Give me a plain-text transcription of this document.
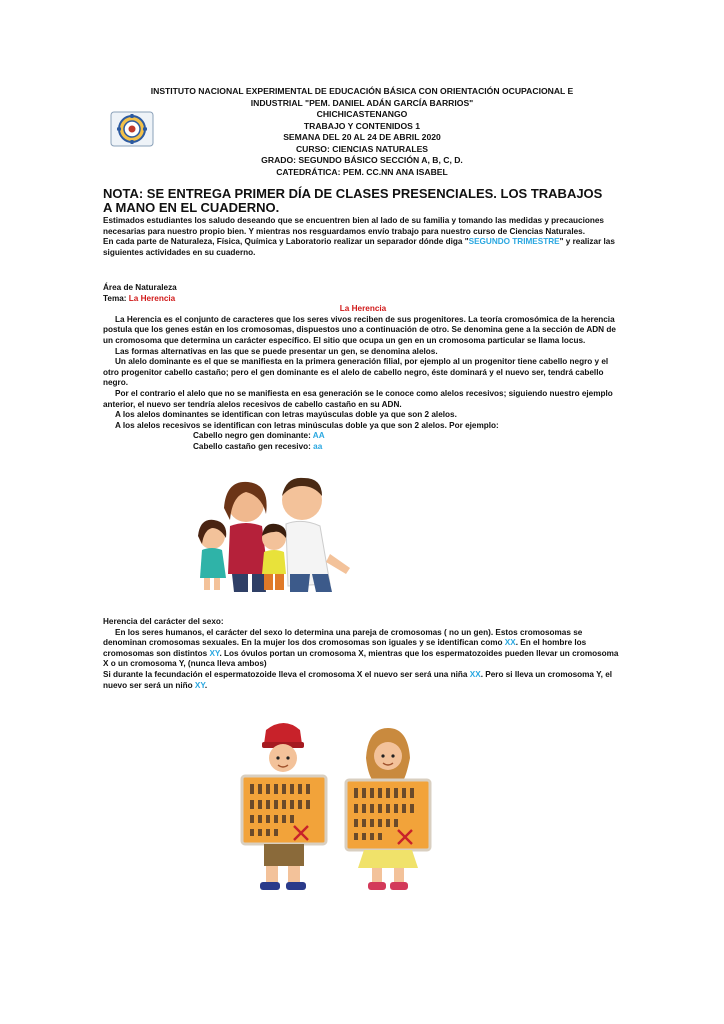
INSTITUTO NACIONAL EXPERIMENTAL DE EDUCACIÓN BÁSICA CON ORIENTACIÓN OCUPACIONAL E
INDUSTRIAL "PEM. DANIEL ADÁN GARCÍA BARRIOS"
CHICHICASTENANGO
TRABAJO Y CONTENIDOS 1
SEMANA DEL 20 AL 24 DE ABRIL 2020
CURSO: CIENCIAS NATURALES
GRADO: SEGUNDO BÁSICO SECCIÓN A, B, C, D.
CATEDRÁTICA: PEM. CC.NN ANA ISABEL
NOTA: SE ENTREGA PRIMER DÍA DE CLASES PRESENCIALES. LOS TRABAJOS A MANO EN EL CUADERNO.

Estimados estudiantes los saludo deseando que se encuentren bien al lado de su familia y tomando las medidas y precauciones necesarias para nuestro propio bien. Y mientras nos resguardamos envío trabajo para nuestro curso de Ciencias Naturales.

En cada parte de Naturaleza, Física, Química y Laboratorio realizar un separador dónde diga "SEGUNDO TRIMESTRE" y realizar las siguientes actividades en su cuaderno.

Área de Naturaleza

Tema: La Herencia

La Herencia

La Herencia es el conjunto de caracteres que los seres vivos reciben de sus progenitores. La teoría cromosómica de la herencia postula que los genes están en los cromosomas, dispuestos uno a continuación de otro. Se denomina gene a la sección de ADN de un cromosoma que determina un carácter específico. El sitio que ocupa un gen en un cromosoma particular se llama locus.

Las formas alternativas en las que se puede presentar un gen, se denomina alelos.

Un alelo dominante es el que se manifiesta en la primera generación filial, por ejemplo al un progenitor tiene cabello negro y el otro progenitor cabello castaño; pero el gen dominante es el alelo de cabello negro, éste dominará y el nuevo ser, tendrá cabello negro.

Por el contrario el alelo que no se manifiesta en esa generación se le conoce como alelos recesivos; siguiendo nuestro ejemplo anterior, el nuevo ser tendría alelos recesivos de cabello castaño en su ADN.

A los alelos dominantes se identifican con letras mayúsculas doble ya que son 2 alelos.

A los alelos recesivos se identifican con letras minúsculas doble ya que son 2 alelos. Por ejemplo:

Cabello negro gen dominante: AA

Cabello castaño gen recesivo: aa

Herencia del carácter del sexo:

En los seres humanos, el carácter del sexo lo determina una pareja de cromosomas ( no un gen). Estos cromosomas se denominan cromosomas sexuales. En la mujer los dos cromosomas son iguales y se identifican como XX. En el hombre los cromosomas son distintos XY. Los óvulos portan un cromosoma X, mientras que los espermatozoides pueden llevar un cromosoma X o un cromosoma Y, (nunca lleva ambos)

Si durante la fecundación el espermatozoide lleva el cromosoma X el nuevo ser será una niña XX. Pero si lleva un cromosoma Y, el nuevo ser será un niño XY.
